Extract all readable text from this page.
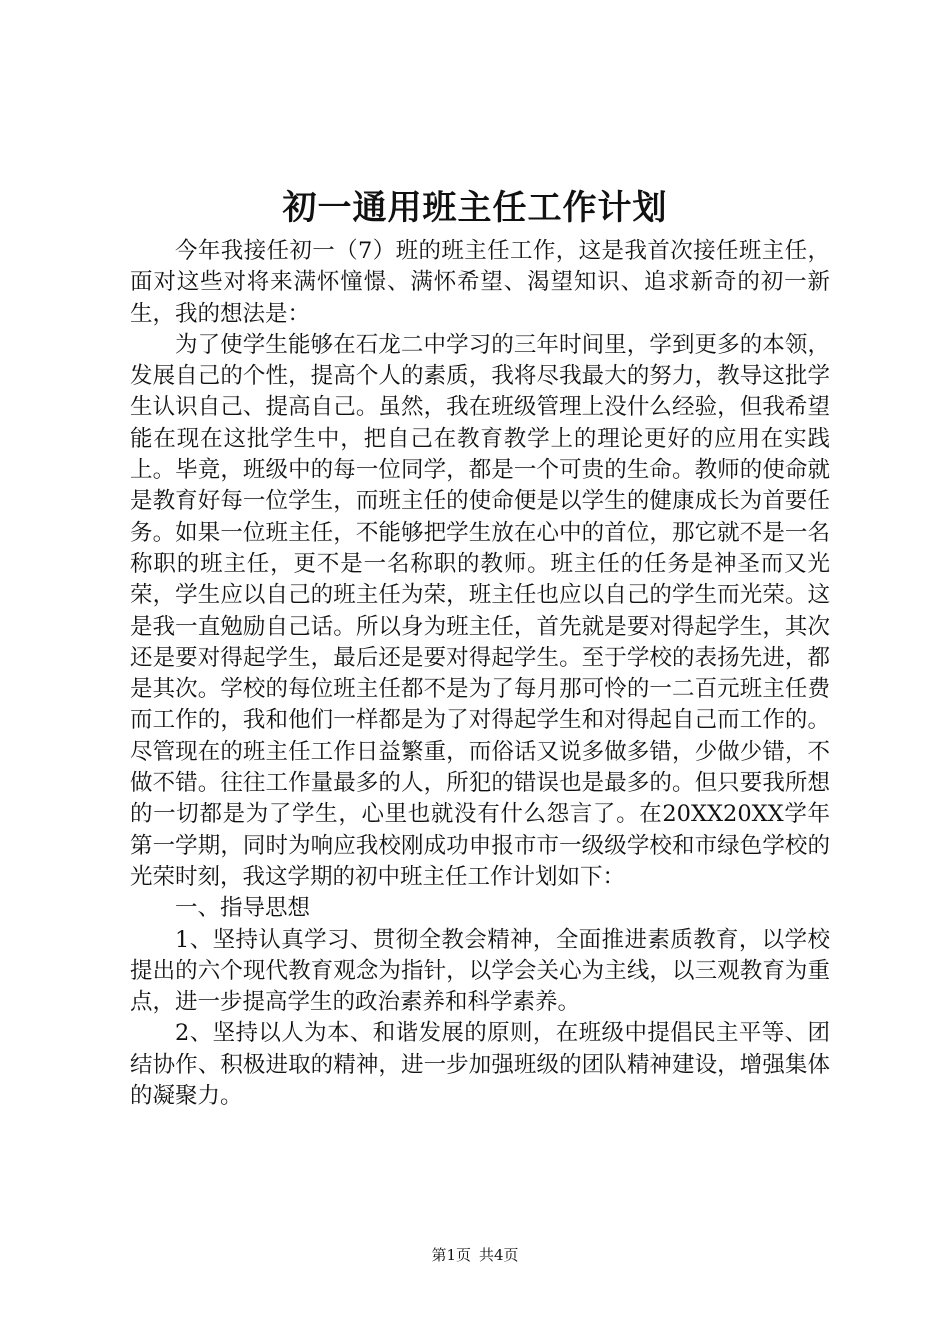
初一通用班主任工作计划

今年我接任初一（7）班的班主任工作，这是我首次接任班主任，面对这些对将来满怀憧憬、满怀希望、渴望知识、追求新奇的初一新生，我的想法是：

为了使学生能够在石龙二中学习的三年时间里，学到更多的本领，发展自己的个性，提高个人的素质，我将尽我最大的努力，教导这批学生认识自己、提高自己。虽然，我在班级管理上没什么经验，但我希望能在现在这批学生中，把自己在教育教学上的理论更好的应用在实践上。毕竟，班级中的每一位同学，都是一个可贵的生命。教师的使命就是教育好每一位学生，而班主任的使命便是以学生的健康成长为首要任务。如果一位班主任，不能够把学生放在心中的首位，那它就不是一名称职的班主任，更不是一名称职的教师。班主任的任务是神圣而又光荣，学生应以自己的班主任为荣，班主任也应以自己的学生而光荣。这是我一直勉励自己话。所以身为班主任，首先就是要对得起学生，其次还是要对得起学生，最后还是要对得起学生。至于学校的表扬先进，都是其次。学校的每位班主任都不是为了每月那可怜的一二百元班主任费而工作的，我和他们一样都是为了对得起学生和对得起自己而工作的。尽管现在的班主任工作日益繁重，而俗话又说多做多错，少做少错，不做不错。往往工作量最多的人，所犯的错误也是最多的。但只要我所想的一切都是为了学生，心里也就没有什么怨言了。在20XX20XX学年第一学期，同时为响应我校刚成功申报市市一级级学校和市绿色学校的光荣时刻，我这学期的初中班主任工作计划如下：

一、指导思想

1、坚持认真学习、贯彻全教会精神，全面推进素质教育，以学校提出的六个现代教育观念为指针，以学会关心为主线，以三观教育为重点，进一步提高学生的政治素养和科学素养。

2、坚持以人为本、和谐发展的原则，在班级中提倡民主平等、团结协作、积极进取的精神，进一步加强班级的团队精神建设，增强集体的凝聚力。

第1页 共4页
